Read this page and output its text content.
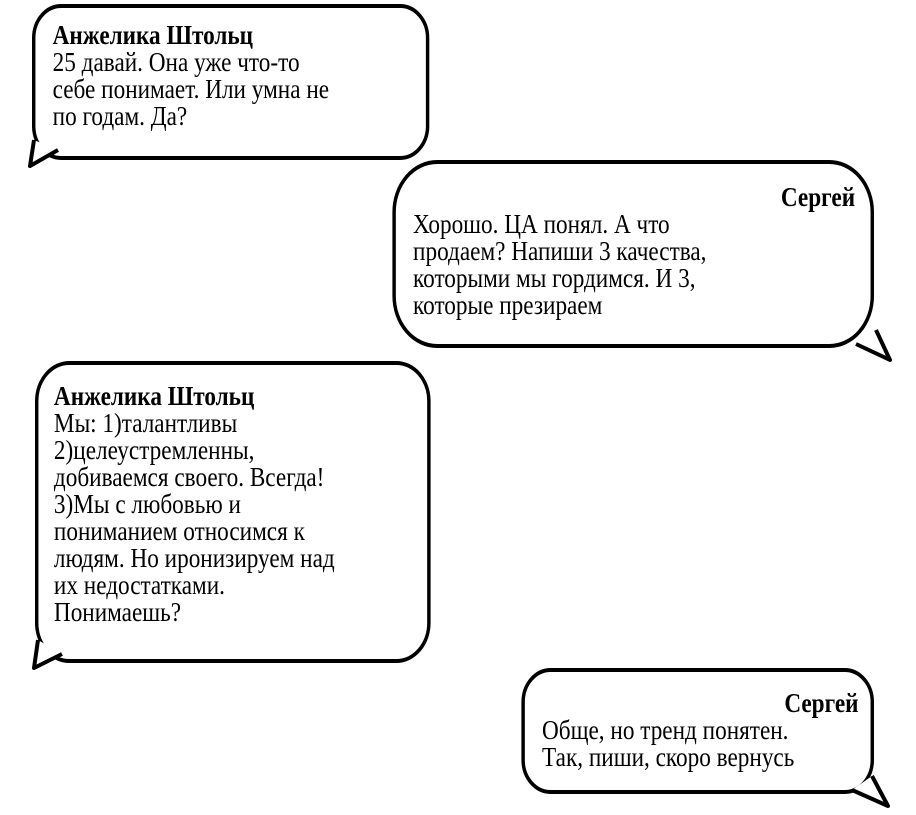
Анжелика Штольц
25 давай. Она уже что-то
себе понимает. Или умна не
по годам. Да?
Сергей
Хорошо. ЦА понял. А что
продаем? Напиши 3 качества,
которыми мы гордимся. И 3,
которые презираем
Анжелика Штольц
Мы: 1)талантливы
2)целеустремленны,
добиваемся своего. Всегда!
3)Мы с любовью и
пониманием относимся к
людям. Но иронизируем над
их недостатками.
Понимаешь?
Сергей
Обще, но тренд понятен.
Так, пиши, скоро вернусь
